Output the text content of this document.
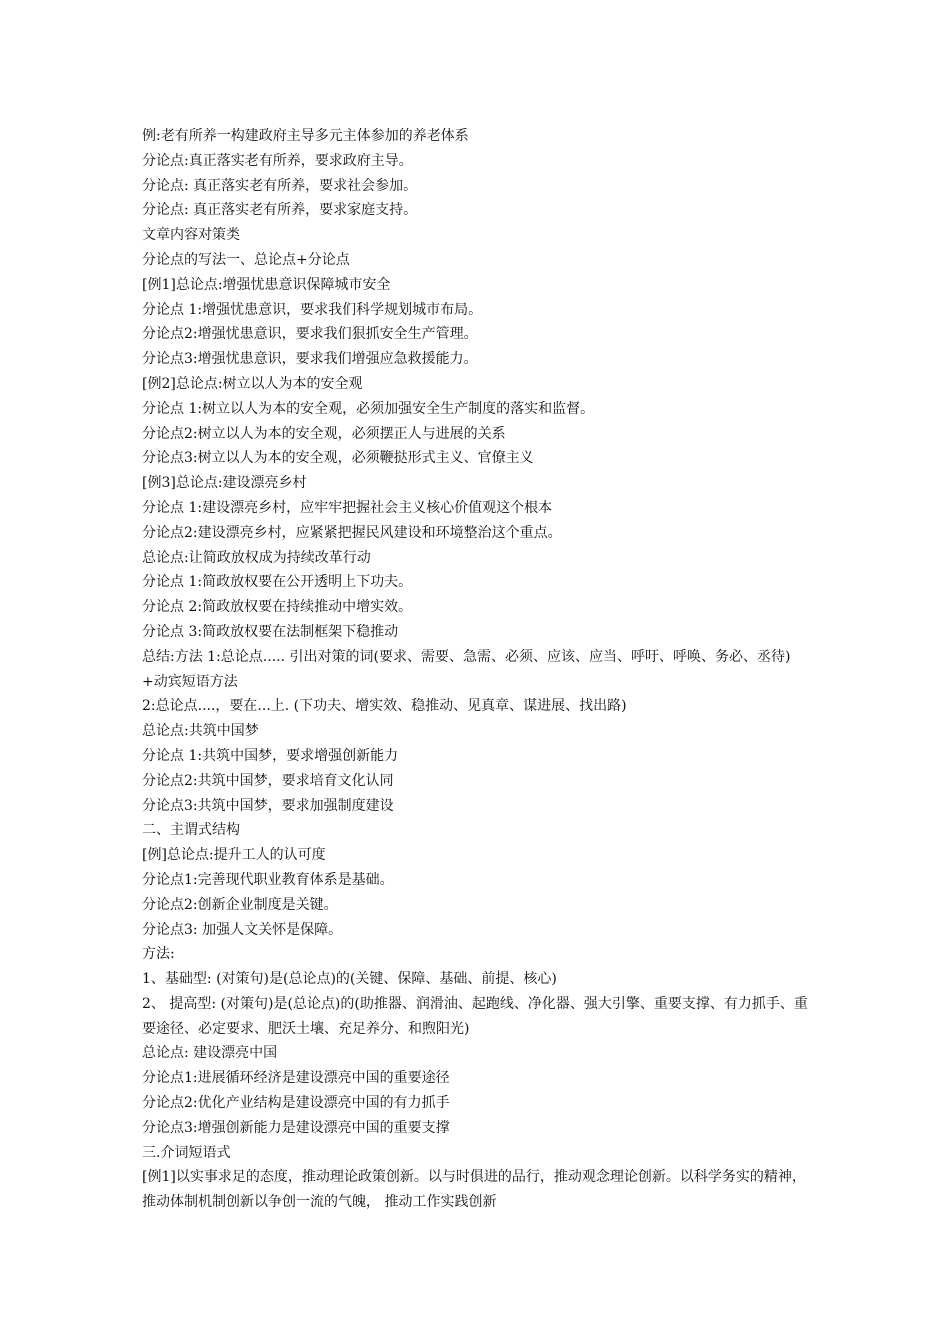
例:老有所养一构建政府主导多元主体参加的养老体系

分论点:真正落实老有所养，要求政府主导。

分论点: 真正落实老有所养，要求社会参加。

分论点: 真正落实老有所养，要求家庭支持。

文章内容对策类

分论点的写法一、总论点+分论点

[例1]总论点:增强忧患意识保障城市安全

分论点 1:增强忧患意识，要求我们科学规划城市布局。

分论点2:增强忧患意识，要求我们狠抓安全生产管理。

分论点3:增强忧患意识，要求我们增强应急救援能力。

[例2]总论点:树立以人为本的安全观

分论点 1:树立以人为本的安全观，必须加强安全生产制度的落实和监督。

分论点2:树立以人为本的安全观，必须摆正人与进展的关系

分论点3:树立以人为本的安全观，必须鞭挞形式主义、官僚主义

[例3]总论点:建设漂亮乡村

分论点 1:建设漂亮乡村，应牢牢把握社会主义核心价值观这个根本

分论点2:建设漂亮乡村，应紧紧把握民风建设和环境整治这个重点。

总论点:让简政放权成为持续改革行动

分论点 1:简政放权要在公开透明上下功夫。

分论点 2:简政放权要在持续推动中增实效。

分论点 3:简政放权要在法制框架下稳推动

总结:方法 1:总论点..... 引出对策的词(要求、需要、急需、必须、应该、应当、呼吁、呼唤、务必、丞待) +动宾短语方法

2:总论点....，要在...上. (下功夫、增实效、稳推动、见真章、谋进展、找出路)

总论点:共筑中国梦

分论点 1:共筑中国梦，要求增强创新能力

分论点2:共筑中国梦，要求培育文化认同

分论点3:共筑中国梦，要求加强制度建设

二、主谓式结构

[例]总论点:提升工人的认可度

分论点1:完善现代职业教育体系是基础。

分论点2:创新企业制度是关键。

分论点3: 加强人文关怀是保障。

方法:

1、基础型: (对策句)是(总论点)的(关键、保障、基础、前提、核心)

2、 提高型: (对策句)是(总论点)的(助推器、润滑油、起跑线、净化器、强大引擎、重要支撑、有力抓手、重要途径、必定要求、肥沃土壤、充足养分、和煦阳光)

总论点: 建设漂亮中国

分论点1:进展循环经济是建设漂亮中国的重要途径

分论点2:优化产业结构是建设漂亮中国的有力抓手

分论点3:增强创新能力是建设漂亮中国的重要支撑

三.介词短语式

[例1]以实事求足的态度，推动理论政策创新。以与时俱进的品行，推动观念理论创新。以科学务实的精神，推动体制机制创新以争创一流的气魄， 推动工作实践创新
